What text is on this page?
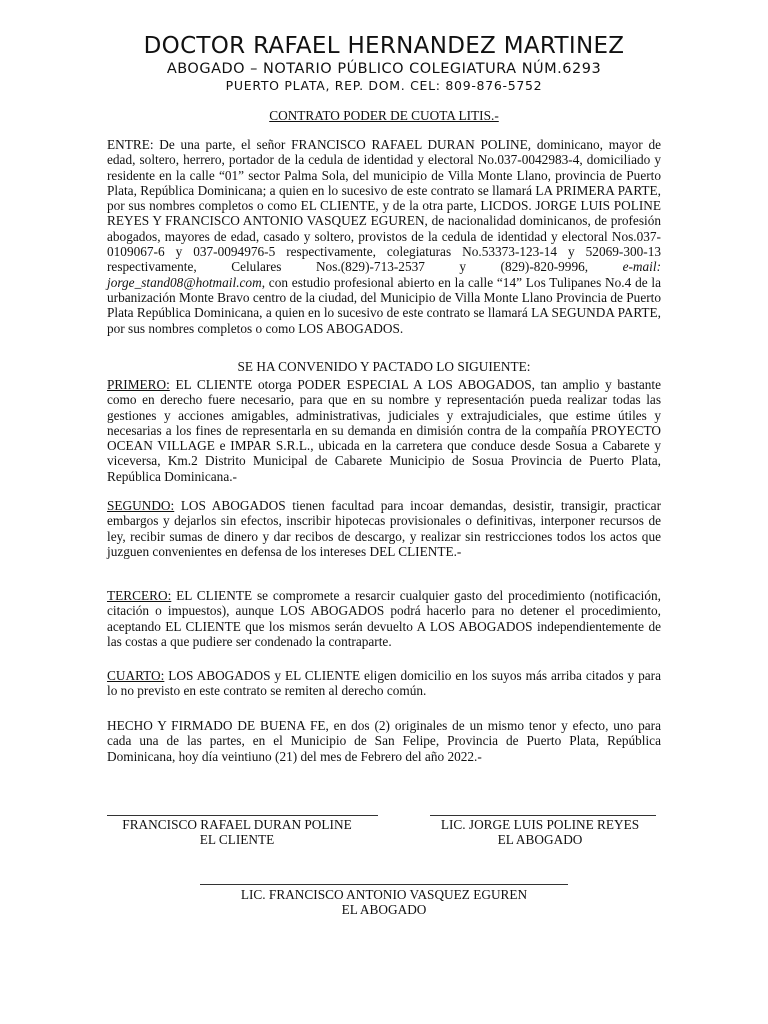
DOCTOR RAFAEL HERNANDEZ MARTINEZ
ABOGADO – NOTARIO PÚBLICO COLEGIATURA NÚM.6293
PUERTO PLATA, REP. DOM. CEL: 809-876-5752
CONTRATO PODER DE CUOTA LITIS.-
ENTRE: De una parte, el señor FRANCISCO RAFAEL DURAN POLINE, dominicano, mayor de edad, soltero, herrero, portador de la cedula de identidad y electoral No.037-0042983-4, domiciliado y residente en la calle “01” sector Palma Sola, del municipio de Villa Monte Llano, provincia de Puerto Plata, República Dominicana; a quien en lo sucesivo de este contrato se llamará LA PRIMERA PARTE, por sus nombres completos o como EL CLIENTE, y de la otra parte, LICDOS. JORGE LUIS POLINE REYES Y FRANCISCO ANTONIO VASQUEZ EGUREN, de nacionalidad dominicanos, de profesión abogados, mayores de edad, casado y soltero, provistos de la cedula de identidad y electoral Nos.037-0109067-6 y 037-0094976-5 respectivamente, colegiaturas No.53373-123-14 y 52069-300-13 respectivamente, Celulares Nos.(829)-713-2537 y (829)-820-9996,	e-mail: jorge_stand08@hotmail.com, con estudio profesional abierto en la calle “14” Los Tulipanes No.4 de la urbanización Monte Bravo centro de la ciudad, del Municipio de Villa Monte Llano Provincia de Puerto Plata República Dominicana, a quien en lo sucesivo de este contrato se llamará LA SEGUNDA PARTE, por sus nombres completos o como LOS ABOGADOS.
SE HA CONVENIDO Y PACTADO LO SIGUIENTE:
PRIMERO: EL CLIENTE otorga PODER ESPECIAL A LOS ABOGADOS, tan amplio y bastante como en derecho fuere necesario, para que en su nombre y representación pueda realizar todas las gestiones y acciones amigables, administrativas, judiciales y extrajudiciales, que estime útiles y necesarias a los fines de representarla en su demanda en dimisión contra de la compañía PROYECTO OCEAN VILLAGE e IMPAR S.R.L., ubicada en la carretera que conduce desde Sosua a Cabarete y viceversa, Km.2 Distrito Municipal de Cabarete Municipio de Sosua Provincia de Puerto Plata, República Dominicana.-
SEGUNDO: LOS ABOGADOS tienen facultad para incoar demandas, desistir, transigir, practicar embargos y dejarlos sin efectos, inscribir hipotecas provisionales o definitivas, interponer recursos de ley, recibir sumas de dinero y dar recibos de descargo, y realizar sin restricciones todos los actos que juzguen convenientes en defensa de los intereses DEL CLIENTE.-
TERCERO: EL CLIENTE se compromete a resarcir cualquier gasto del procedimiento (notificación, citación o impuestos), aunque LOS ABOGADOS podrá hacerlo para no detener el procedimiento, aceptando EL CLIENTE que los mismos serán devuelto A LOS ABOGADOS independientemente de las costas a que pudiere ser condenado la contraparte.
CUARTO: LOS ABOGADOS y EL CLIENTE eligen domicilio en los suyos más arriba citados y para lo no previsto en este contrato se remiten al derecho común.
HECHO Y FIRMADO DE BUENA FE, en dos (2) originales de un mismo tenor y efecto, uno para cada una de las partes, en el Municipio de San Felipe, Provincia de Puerto Plata, República Dominicana, hoy día veintiuno (21) del mes de Febrero del año 2022.-
FRANCISCO RAFAEL DURAN POLINE
EL CLIENTE
LIC. JORGE LUIS POLINE REYES
EL ABOGADO
LIC. FRANCISCO ANTONIO VASQUEZ EGUREN
EL ABOGADO
